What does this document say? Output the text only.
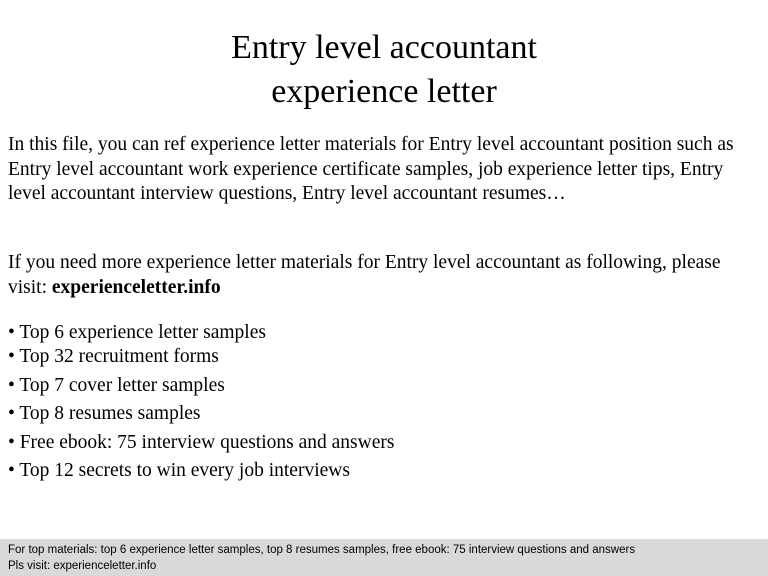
Entry level accountant
experience letter

In this file, you can ref experience letter materials for Entry level accountant position such as Entry level accountant work experience certificate samples, job experience letter tips, Entry level accountant interview questions, Entry level accountant resumes…

If you need more experience letter materials for Entry level accountant as following, please visit: experienceletter.info

• Top 6 experience letter samples
• Top 32 recruitment forms
• Top 7 cover letter samples
• Top 8 resumes samples
• Free ebook: 75 interview questions and answers
• Top 12 secrets to win every job interviews
For top materials: top 6 experience letter samples, top 8 resumes samples, free ebook: 75 interview questions and answers
Pls visit: experienceletter.info
